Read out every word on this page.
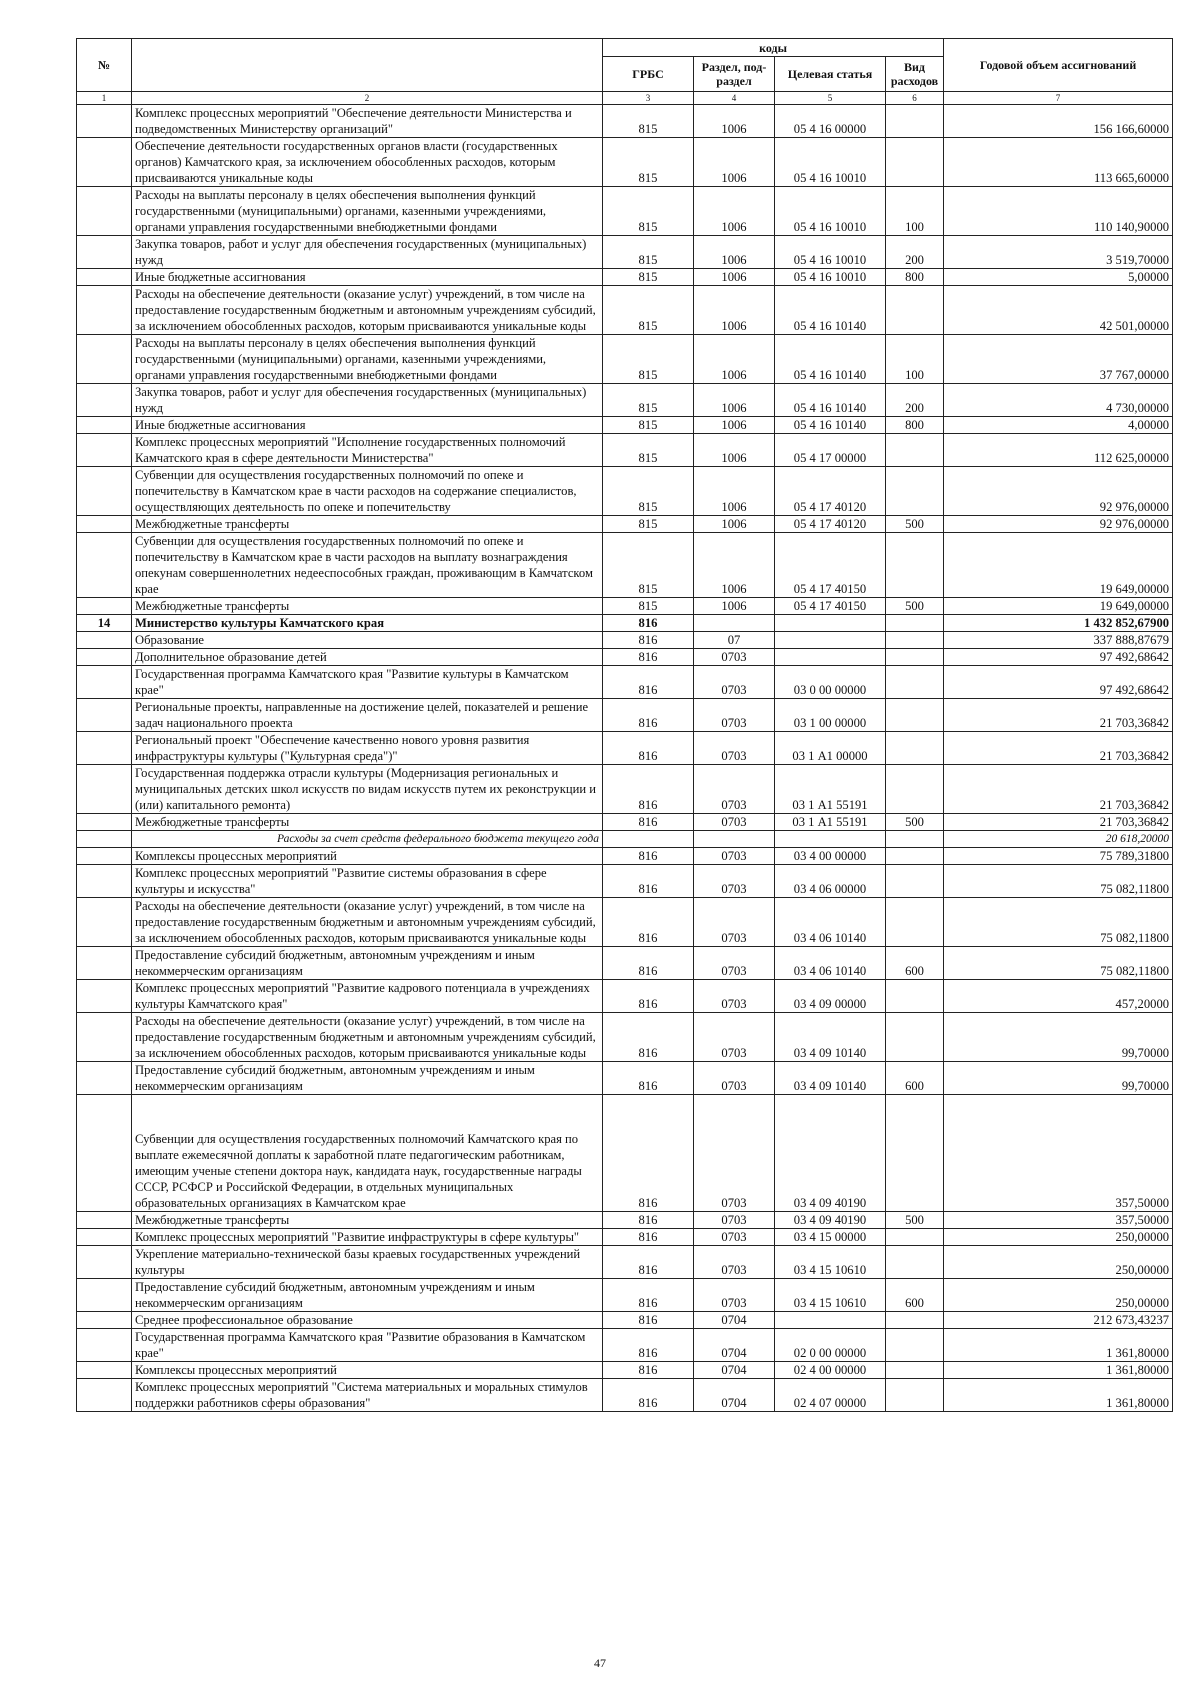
№		коды				Годовой объем ассигнований
		ГРБС	Раздел, под-раздел	Целевая статья	Вид расходов	
1	2	3	4	5	6	7
	Комплекс процессных мероприятий "Обеспечение деятельности Министерства и подведомственных Министерству организаций"	815	1006	05 4 16 00000		156 166,60000
	Обеспечение деятельности государственных органов власти (государственных органов) Камчатского края, за исключением обособленных расходов, которым присваиваются уникальные коды	815	1006	05 4 16 10010		113 665,60000
	Расходы на выплаты персоналу в целях обеспечения выполнения функций государственными (муниципальными) органами, казенными учреждениями, органами управления государственными внебюджетными фондами	815	1006	05 4 16 10010	100	110 140,90000
	Закупка товаров, работ и услуг для обеспечения государственных (муниципальных) нужд	815	1006	05 4 16 10010	200	3 519,70000
	Иные бюджетные ассигнования	815	1006	05 4 16 10010	800	5,00000
	Расходы на обеспечение деятельности (оказание услуг) учреждений, в том числе на предоставление государственным бюджетным и автономным учреждениям субсидий, за исключением обособленных расходов, которым присваиваются уникальные коды	815	1006	05 4 16 10140		42 501,00000
	Расходы на выплаты персоналу в целях обеспечения выполнения функций государственными (муниципальными) органами, казенными учреждениями, органами управления государственными внебюджетными фондами	815	1006	05 4 16 10140	100	37 767,00000
	Закупка товаров, работ и услуг для обеспечения государственных (муниципальных) нужд	815	1006	05 4 16 10140	200	4 730,00000
	Иные бюджетные ассигнования	815	1006	05 4 16 10140	800	4,00000
	Комплекс процессных мероприятий "Исполнение государственных полномочий Камчатского края в сфере деятельности Министерства"	815	1006	05 4 17 00000		112 625,00000
	Субвенции для осуществления государственных полномочий по опеке и попечительству в Камчатском крае в части расходов на содержание специалистов, осуществляющих деятельность по опеке и попечительству	815	1006	05 4 17 40120		92 976,00000
	Межбюджетные трансферты	815	1006	05 4 17 40120	500	92 976,00000
	Субвенции для осуществления государственных полномочий по опеке и попечительству в Камчатском крае в части расходов на выплату вознаграждения опекунам совершеннолетних недееспособных граждан, проживающим в Камчатском крае	815	1006	05 4 17 40150		19 649,00000
	Межбюджетные трансферты	815	1006	05 4 17 40150	500	19 649,00000
14	Министерство культуры Камчатского края	816				1 432 852,67900
	Образование	816	07			337 888,87679
	Дополнительное образование детей	816	0703			97 492,68642
	Государственная программа Камчатского края "Развитие культуры в Камчатском крае"	816	0703	03 0 00 00000		97 492,68642
	Региональные проекты, направленные на достижение целей, показателей и решение задач национального проекта	816	0703	03 1 00 00000		21 703,36842
	Региональный проект "Обеспечение качественно нового уровня развития инфраструктуры культуры ("Культурная среда")"	816	0703	03 1 А1 00000		21 703,36842
	Государственная поддержка отрасли культуры (Модернизация региональных и муниципальных детских школ искусств по видам искусств путем их реконструкции и (или) капитального ремонта)	816	0703	03 1 А1 55191		21 703,36842
	Межбюджетные трансферты	816	0703	03 1 А1 55191	500	21 703,36842
	Расходы за счет средств федерального бюджета текущего года					20 618,20000
	Комплексы процессных мероприятий	816	0703	03 4 00 00000		75 789,31800
	Комплекс процессных мероприятий "Развитие системы образования в сфере культуры и искусства"	816	0703	03 4 06 00000		75 082,11800
	Расходы на обеспечение деятельности (оказание услуг) учреждений, в том числе на предоставление государственным бюджетным и автономным учреждениям субсидий, за исключением обособленных расходов, которым присваиваются уникальные коды	816	0703	03 4 06 10140		75 082,11800
	Предоставление субсидий бюджетным, автономным учреждениям и иным некоммерческим организациям	816	0703	03 4 06 10140	600	75 082,11800
	Комплекс процессных мероприятий "Развитие кадрового потенциала в учреждениях культуры Камчатского края"	816	0703	03 4 09 00000		457,20000
	Расходы на обеспечение деятельности (оказание услуг) учреждений, в том числе на предоставление государственным бюджетным и автономным учреждениям субсидий, за исключением обособленных расходов, которым присваиваются уникальные коды	816	0703	03 4 09 10140		99,70000
	Предоставление субсидий бюджетным, автономным учреждениям и иным некоммерческим организациям	816	0703	03 4 09 10140	600	99,70000
	Субвенции для осуществления государственных полномочий Камчатского края по выплате ежемесячной доплаты к заработной плате педагогическим работникам, имеющим ученые степени доктора наук, кандидата наук, государственные награды СССР, РСФСР и Российской Федерации, в отдельных муниципальных образовательных организациях в Камчатском крае	816	0703	03 4 09 40190		357,50000
	Межбюджетные трансферты	816	0703	03 4 09 40190	500	357,50000
	Комплекс процессных мероприятий "Развитие инфраструктуры в сфере культуры"	816	0703	03 4 15 00000		250,00000
	Укрепление материально-технической базы краевых государственных учреждений культуры	816	0703	03 4 15 10610		250,00000
	Предоставление субсидий бюджетным, автономным учреждениям и иным некоммерческим организациям	816	0703	03 4 15 10610	600	250,00000
	Среднее профессиональное образование	816	0704			212 673,43237
	Государственная программа Камчатского края "Развитие образования в Камчатском крае"	816	0704	02 0 00 00000		1 361,80000
	Комплексы процессных мероприятий	816	0704	02 4 00 00000		1 361,80000
	Комплекс процессных мероприятий "Система материальных и моральных стимулов поддержки работников сферы образования"	816	0704	02 4 07 00000		1 361,80000
47
